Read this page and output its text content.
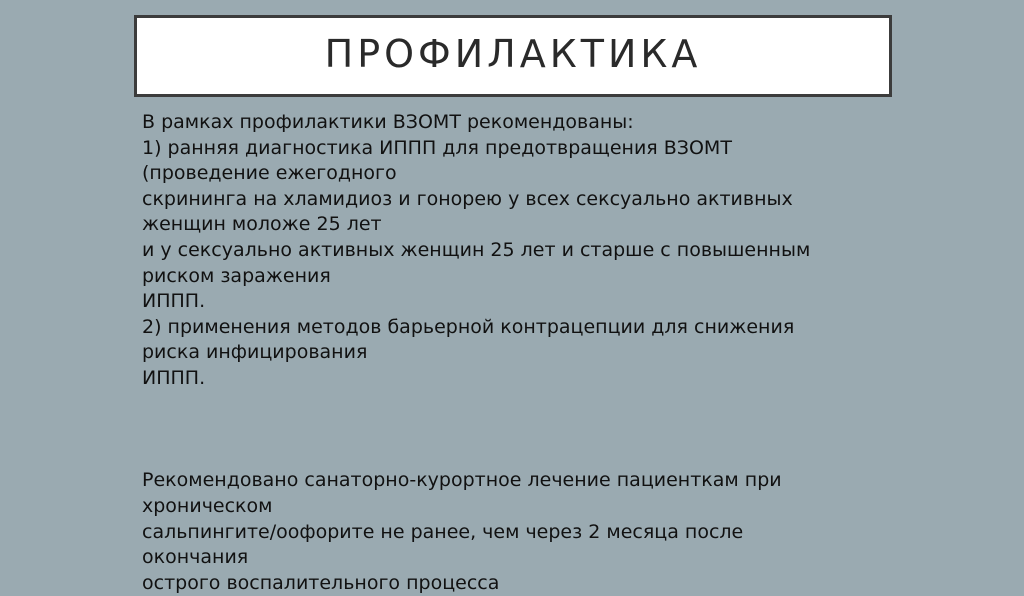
ПРОФИЛАКТИКА
В рамках профилактики ВЗОМТ рекомендованы:
1) ранняя диагностика ИППП для предотвращения ВЗОМТ
(проведение ежегодного
скрининга на хламидиоз и гонорею у всех сексуально активных
женщин моложе 25 лет
и у сексуально активных женщин 25 лет и старше с повышенным
риском заражения
ИППП.
2) применения методов барьерной контрацепции для снижения
риска инфицирования
ИППП.
Рекомендовано санаторно-курортное лечение пациенткам при
хроническом
сальпингите/оофорите не ранее, чем через 2 месяца после
окончания
острого воспалительного процесса
